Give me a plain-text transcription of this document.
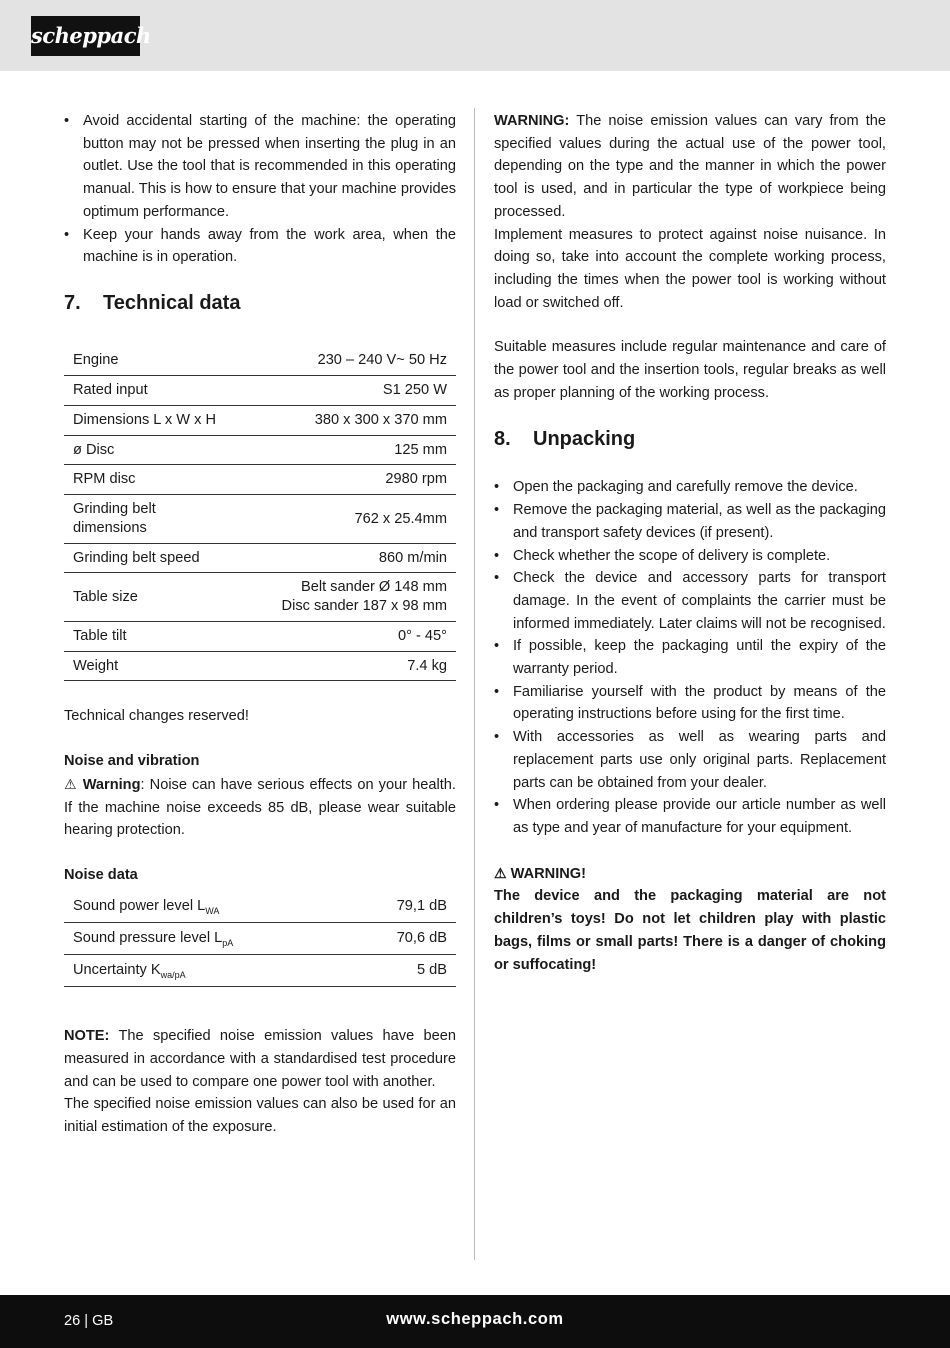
scheppach
• Avoid accidental starting of the machine: the operating button may not be pressed when inserting the plug in an outlet. Use the tool that is recommended in this operating manual. This is how to ensure that your machine provides optimum performance.
• Keep your hands away from the work area, when the machine is in operation.
7. Technical data
Engine	230 – 240 V~ 50 Hz
Rated input	S1 250 W
Dimensions L x W x H	380 x 300 x 370 mm
ø Disc	125 mm
RPM disc	2980 rpm
Grinding belt dimensions	762 x 25.4mm
Grinding belt speed	860 m/min
Table size	Belt sander Ø 148 mm
Disc sander 187 x 98 mm

Table tilt	0° - 45°
Weight	7.4 kg

Technical changes reserved!

Noise and vibration

⚠ Warning: Noise can have serious effects on your health. If the machine noise exceeds 85 dB, please wear suitable hearing protection.

Noise data

Sound power level $L_{WA}$	79,1 dB
Sound pressure level $L_{pA}$	70,6 dB
Uncertainty $K_{wa/pA}$	5 dB

NOTE: The specified noise emission values have been measured in accordance with a standardised test procedure and can be used to compare one power tool with another.

The specified noise emission values can also be used for an initial estimation of the exposure.

WARNING: The noise emission values can vary from the specified values during the actual use of the power tool, depending on the type and the manner in which the power tool is used, and in particular the type of workpiece being processed.

Implement measures to protect against noise nuisance. In doing so, take into account the complete working process, including the times when the power tool is working without load or switched off.

Suitable measures include regular maintenance and care of the power tool and the insertion tools, regular breaks as well as proper planning of the working process.

8. Unpacking
• Open the packaging and carefully remove the device.
• Remove the packaging material, as well as the packaging and transport safety devices (if present).
• Check whether the scope of delivery is complete.
• Check the device and accessory parts for transport damage. In the event of complaints the carrier must be informed immediately. Later claims will not be recognised.
• If possible, keep the packaging until the expiry of the warranty period.
• Familiarise yourself with the product by means of the operating instructions before using for the first time.
• With accessories as well as wearing parts and replacement parts use only original parts. Replacement parts can be obtained from your dealer.
• When ordering please provide our article number as well as type and year of manufacture for your equipment.

⚠ WARNING!

The device and the packaging material are not children’s toys! Do not let children play with plastic bags, films or small parts! There is a danger of choking or suffocating!

26 | GB	www.scheppach.com
